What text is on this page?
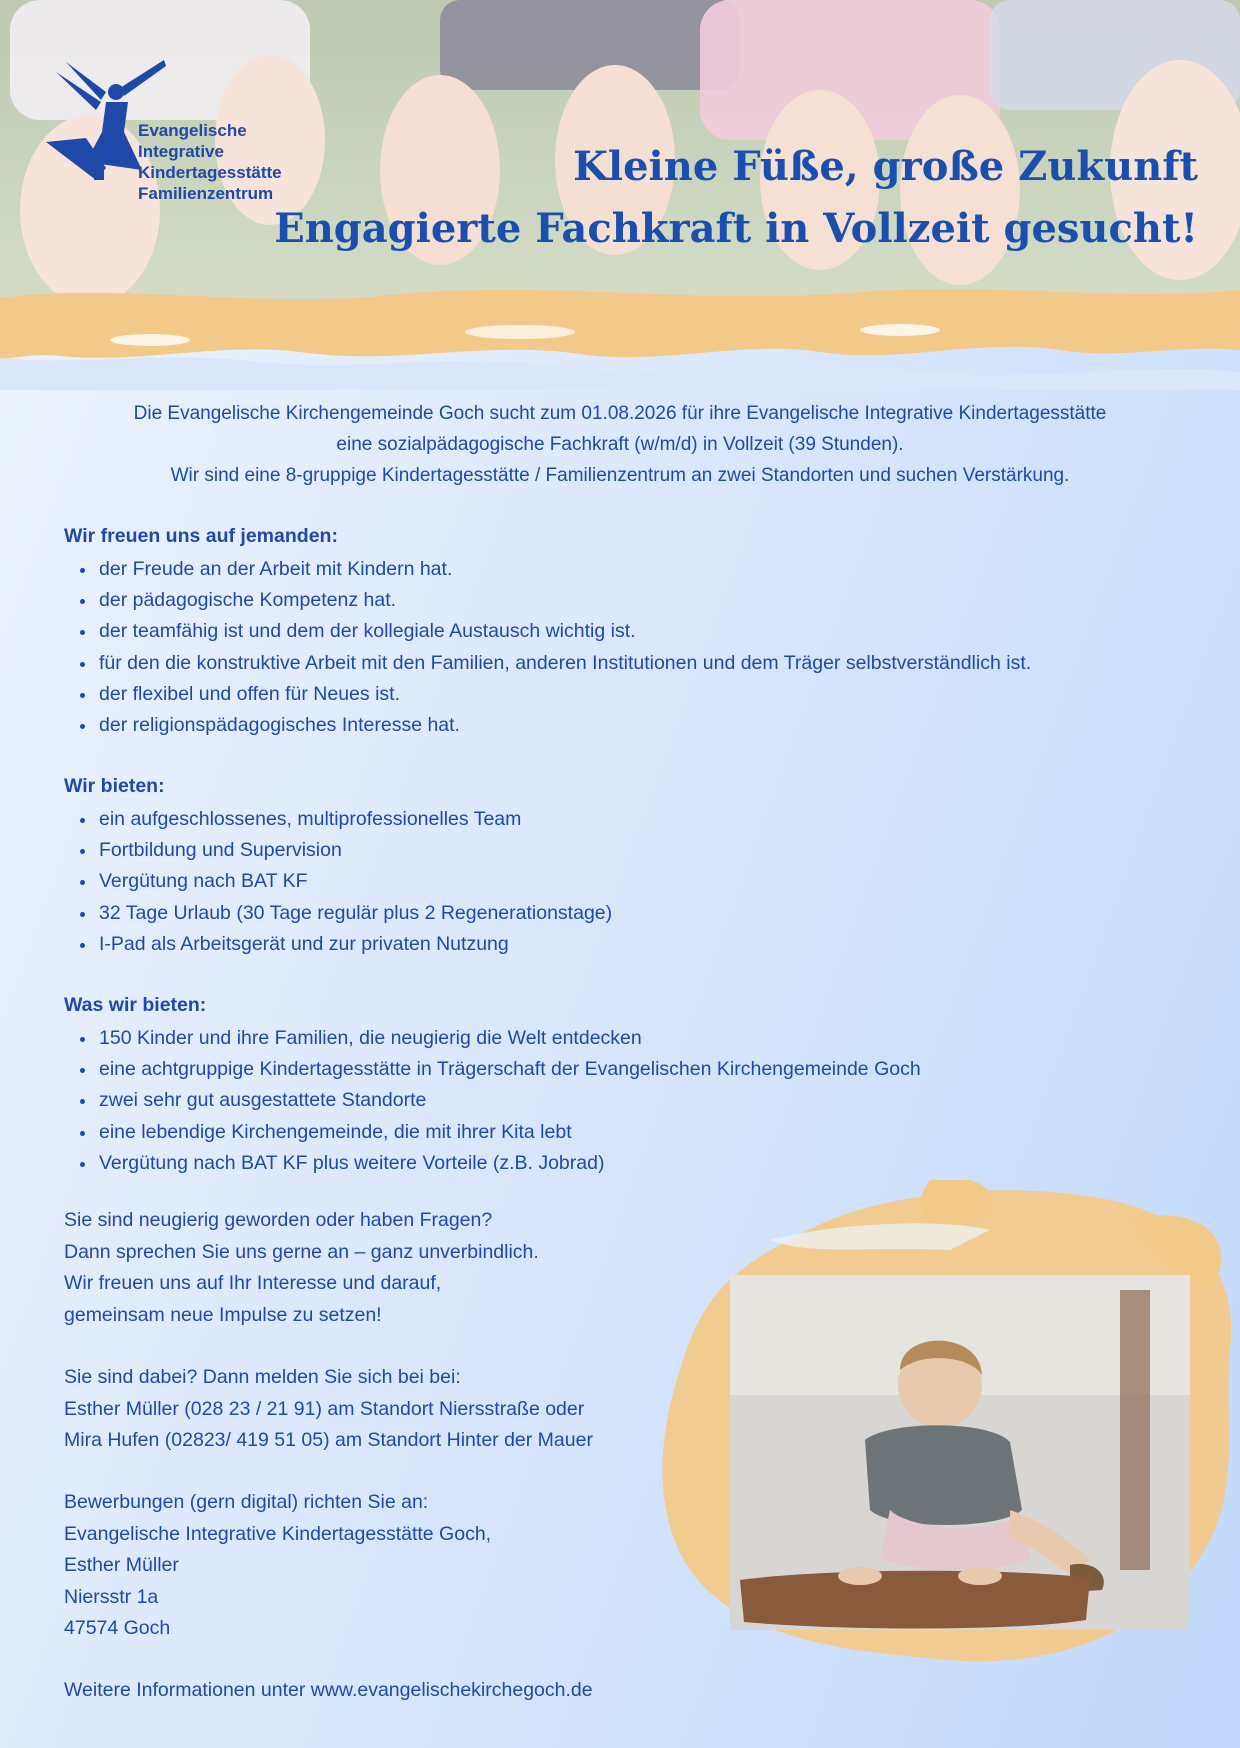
Evangelische
Integrative
Kindertagesstätte
Familienzentrum
Kleine Füße, große Zukunft
Engagierte Fachkraft in Vollzeit gesucht!
Die Evangelische Kirchengemeinde Goch sucht zum 01.08.2026 für ihre Evangelische Integrative Kindertagesstätte
eine sozialpädagogische Fachkraft (w/m/d) in Vollzeit (39 Stunden).
Wir sind eine 8-gruppige Kindertagesstätte / Familienzentrum an zwei Standorten und suchen Verstärkung.
Wir freuen uns auf jemanden:
der Freude an der Arbeit mit Kindern hat.
der pädagogische Kompetenz hat.
der teamfähig ist und dem der kollegiale Austausch wichtig ist.
für den die konstruktive Arbeit mit den Familien, anderen Institutionen und dem Träger selbstverständlich ist.
der flexibel und offen für Neues ist.
der religionspädagogisches Interesse hat.
Wir bieten:
ein aufgeschlossenes, multiprofessionelles Team
Fortbildung und Supervision
Vergütung nach BAT KF
32 Tage Urlaub (30 Tage regulär plus 2 Regenerationstage)
I-Pad als Arbeitsgerät und zur privaten Nutzung
Was wir bieten:
150 Kinder und ihre Familien, die neugierig die Welt entdecken
eine achtgruppige Kindertagesstätte in Trägerschaft der Evangelischen Kirchengemeinde Goch
zwei sehr gut ausgestattete Standorte
eine lebendige Kirchengemeinde, die mit ihrer Kita lebt
Vergütung nach BAT KF plus weitere Vorteile (z.B. Jobrad)
Sie sind neugierig geworden oder haben Fragen?
Dann sprechen Sie uns gerne an – ganz unverbindlich.
Wir freuen uns auf Ihr Interesse und darauf,
gemeinsam neue Impulse zu setzen!
Sie sind dabei? Dann melden Sie sich bei bei:
Esther Müller (028 23 / 21 91) am Standort Niersstraße oder
Mira Hufen (02823/ 419 51 05) am Standort Hinter der Mauer
Bewerbungen (gern digital) richten Sie an:
Evangelische Integrative Kindertagesstätte Goch,
Esther Müller
Niersstr 1a
47574 Goch
Weitere Informationen unter www.evangelischekirchegoch.de
